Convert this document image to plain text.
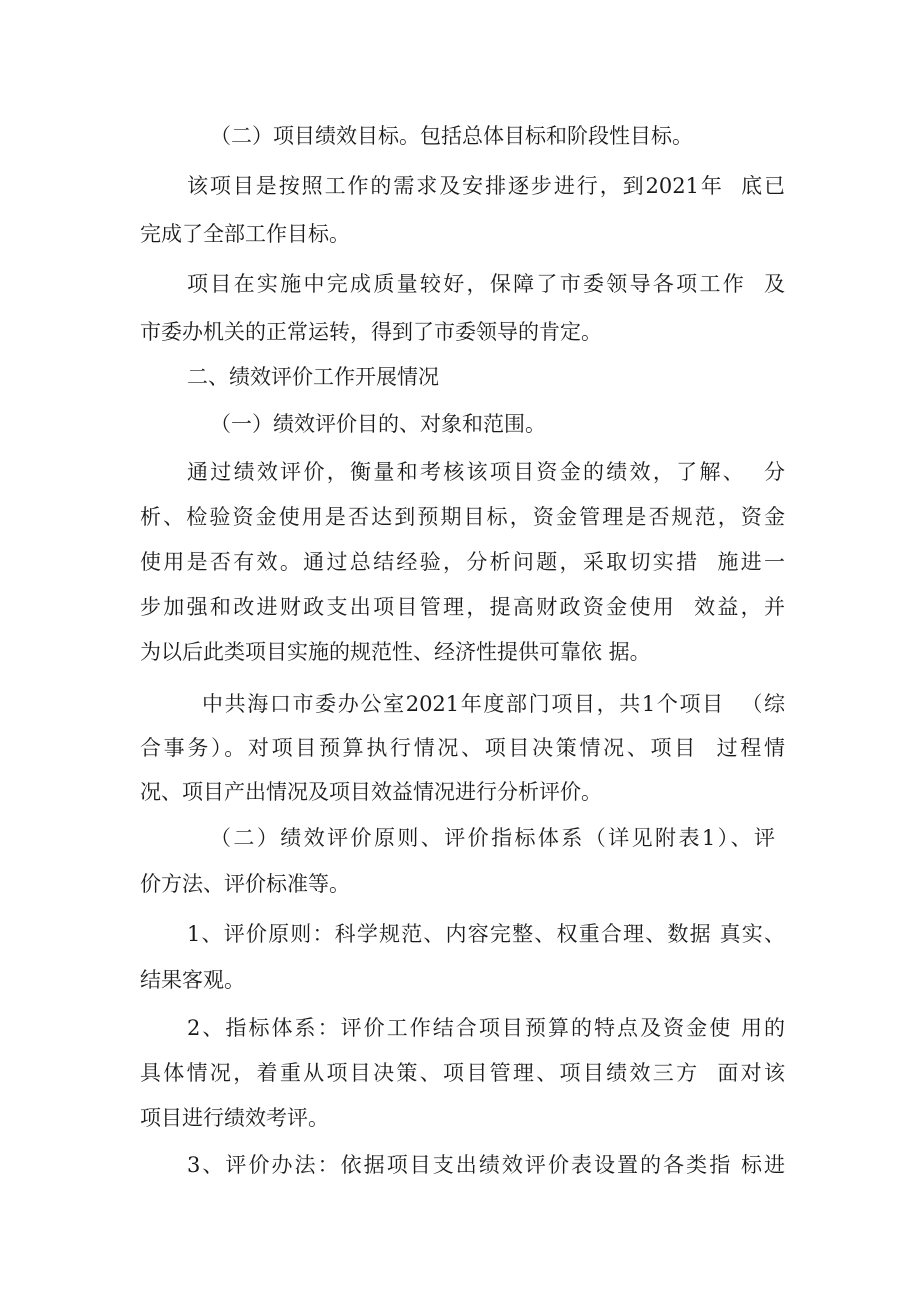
（二）项目绩效目标。包括总体目标和阶段性目标。
该项目是按照工作的需求及安排逐步进行，到2021年  底已
完成了全部工作目标。
项目在实施中完成质量较好，保障了市委领导各项工作  及
市委办机关的正常运转，得到了市委领导的肯定。
二、绩效评价工作开展情况
（一）绩效评价目的、对象和范围。
通过绩效评价，衡量和考核该项目资金的绩效，了解、  分
析、检验资金使用是否达到预期目标，资金管理是否规范，资金
使用是否有效。通过总结经验，分析问题，采取切实措  施进一
步加强和改进财政支出项目管理，提高财政资金使用  效益，并
为以后此类项目实施的规范性、经济性提供可靠依 据。
中共海口市委办公室2021年度部门项目，共1个项目  （综
合事务）。对项目预算执行情况、项目决策情况、项目  过程情
况、项目产出情况及项目效益情况进行分析评价。
（二）绩效评价原则、评价指标体系（详见附表1）、评
价方法、评价标准等。
1、评价原则：科学规范、内容完整、权重合理、数据 真实、
结果客观。
2、指标体系：评价工作结合项目预算的特点及资金使 用的
具体情况，着重从项目决策、项目管理、项目绩效三方  面对该
项目进行绩效考评。
3、评价办法：依据项目支出绩效评价表设置的各类指 标进
